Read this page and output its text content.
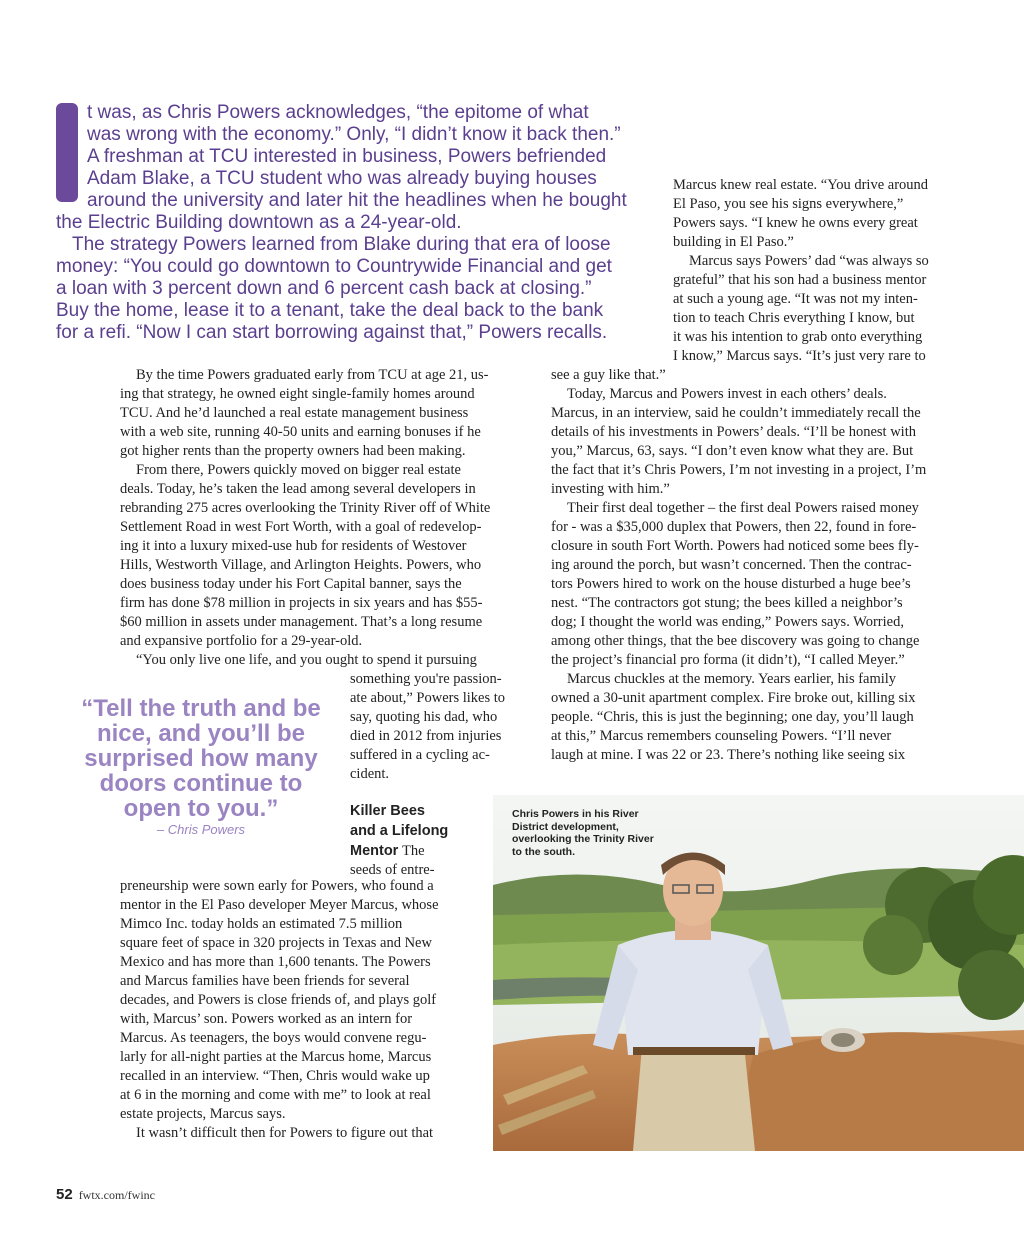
t was, as Chris Powers acknowledges, “the epitome of what

was wrong with the economy.” Only, “I didn’t know it back then.”

A freshman at TCU interested in business, Powers befriended

Adam Blake, a TCU student who was already buying houses

around the university and later hit the headlines when he bought

the Electric Building downtown as a 24-year-old.

The strategy Powers learned from Blake during that era of loose

money: “You could go downtown to Countrywide Financial and get

a loan with 3 percent down and 6 percent cash back at closing.”

Buy the home, lease it to a tenant, take the deal back to the bank

for a refi. “Now I can start borrowing against that,” Powers recalls.

Marcus knew real estate. “You drive around

El Paso, you see his signs everywhere,”

Powers says. “I knew he owns every great

building in El Paso.”

Marcus says Powers’ dad “was always so

grateful” that his son had a business mentor

at such a young age. “It was not my inten-

tion to teach Chris everything I know, but

it was his intention to grab onto everything

I know,” Marcus says. “It’s just very rare to

By the time Powers graduated early from TCU at age 21, us-

ing that strategy, he owned eight single-family homes around

TCU. And he’d launched a real estate management business

with a web site, running 40-50 units and earning bonuses if he

got higher rents than the property owners had been making.

From there, Powers quickly moved on bigger real estate

deals. Today, he’s taken the lead among several developers in

rebranding 275 acres overlooking the Trinity River off of White

Settlement Road in west Fort Worth, with a goal of redevelop-

ing it into a luxury mixed-use hub for residents of Westover

Hills, Westworth Village, and Arlington Heights. Powers, who

does business today under his Fort Capital banner, says the

firm has done $78 million in projects in six years and has $55-

$60 million in assets under management. That’s a long resume

and expansive portfolio for a 29-year-old.

“You only live one life, and you ought to spend it pursuing

something you're passion-

ate about,” Powers likes to

say, quoting his dad, who

died in 2012 from injuries

suffered in a cycling ac-

cident.

Killer Bees
and a Lifelong
Mentor The
seeds of entre-

preneurship were sown early for Powers, who found a

mentor in the El Paso developer Meyer Marcus, whose

Mimco Inc. today holds an estimated 7.5 million

square feet of space in 320 projects in Texas and New

Mexico and has more than 1,600 tenants. The Powers

and Marcus families have been friends for several

decades, and Powers is close friends of, and plays golf

with, Marcus’ son. Powers worked as an intern for

Marcus. As teenagers, the boys would convene regu-

larly for all-night parties at the Marcus home, Marcus

recalled in an interview. “Then, Chris would wake up

at 6 in the morning and come with me” to look at real

estate projects, Marcus says.

It wasn’t difficult then for Powers to figure out that

see a guy like that.”

Today, Marcus and Powers invest in each others’ deals.

Marcus, in an interview, said he couldn’t immediately recall the

details of his investments in Powers’ deals. “I’ll be honest with

you,” Marcus, 63, says. “I don’t even know what they are. But

the fact that it’s Chris Powers, I’m not investing in a project, I’m

investing with him.”

Their first deal together – the first deal Powers raised money

for - was a $35,000 duplex that Powers, then 22, found in fore-

closure in south Fort Worth. Powers had noticed some bees fly-

ing around the porch, but wasn’t concerned. Then the contrac-

tors Powers hired to work on the house disturbed a huge bee’s

nest. “The contractors got stung; the bees killed a neighbor’s

dog; I thought the world was ending,” Powers says. Worried,

among other things, that the bee discovery was going to change

the project’s financial pro forma (it didn’t), “I called Meyer.”

Marcus chuckles at the memory. Years earlier, his family

owned a 30-unit apartment complex. Fire broke out, killing six

people. “Chris, this is just the beginning; one day, you’ll laugh

at this,” Marcus remembers counseling Powers. “I’ll never

laugh at mine. I was 22 or 23. There’s nothing like seeing six

“Tell the truth and be
nice, and you’ll be
surprised how many
doors continue to
open to you.”
– Chris Powers
Chris Powers in his River
District development,
overlooking the Trinity River
to the south.
52 fwtx.com/fwinc
